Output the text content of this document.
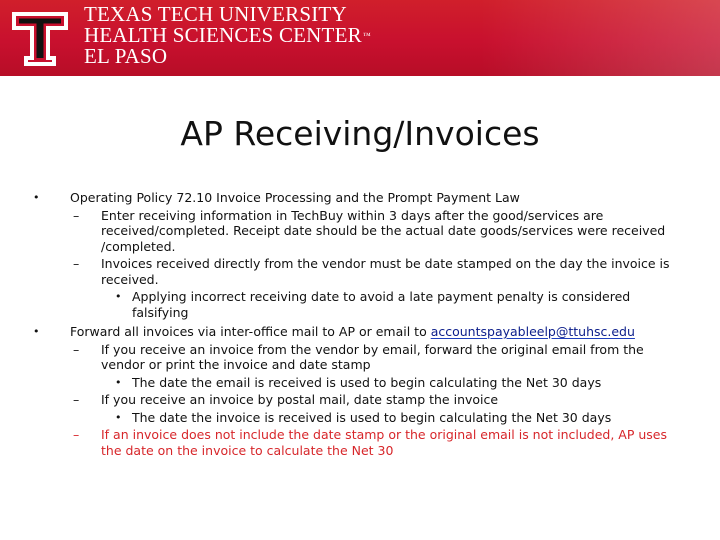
TEXAS TECH UNIVERSITY
HEALTH SCIENCES CENTER™
EL PASO
AP Receiving/Invoices
• Operating Policy 72.10 Invoice Processing and the Prompt Payment Law
– Enter receiving information in TechBuy within 3 days after the good/services are received/completed. Receipt date should be the actual date goods/services were received /completed.
– Invoices received directly from the vendor must be date stamped on the day the invoice is received.
• Applying incorrect receiving date to avoid a late payment penalty is considered falsifying
• Forward all invoices via inter-office mail to AP or email to accountspayableelp@ttuhsc.edu
– If you receive an invoice from the vendor by email, forward the original email from the vendor or print the invoice and date stamp
• The date the email is received is used to begin calculating the Net 30 days
– If you receive an invoice by postal mail, date stamp the invoice
• The date the invoice is received is used to begin calculating the Net 30 days
– If an invoice does not include the date stamp or the original email is not included, AP uses the date on the invoice to calculate the Net 30
